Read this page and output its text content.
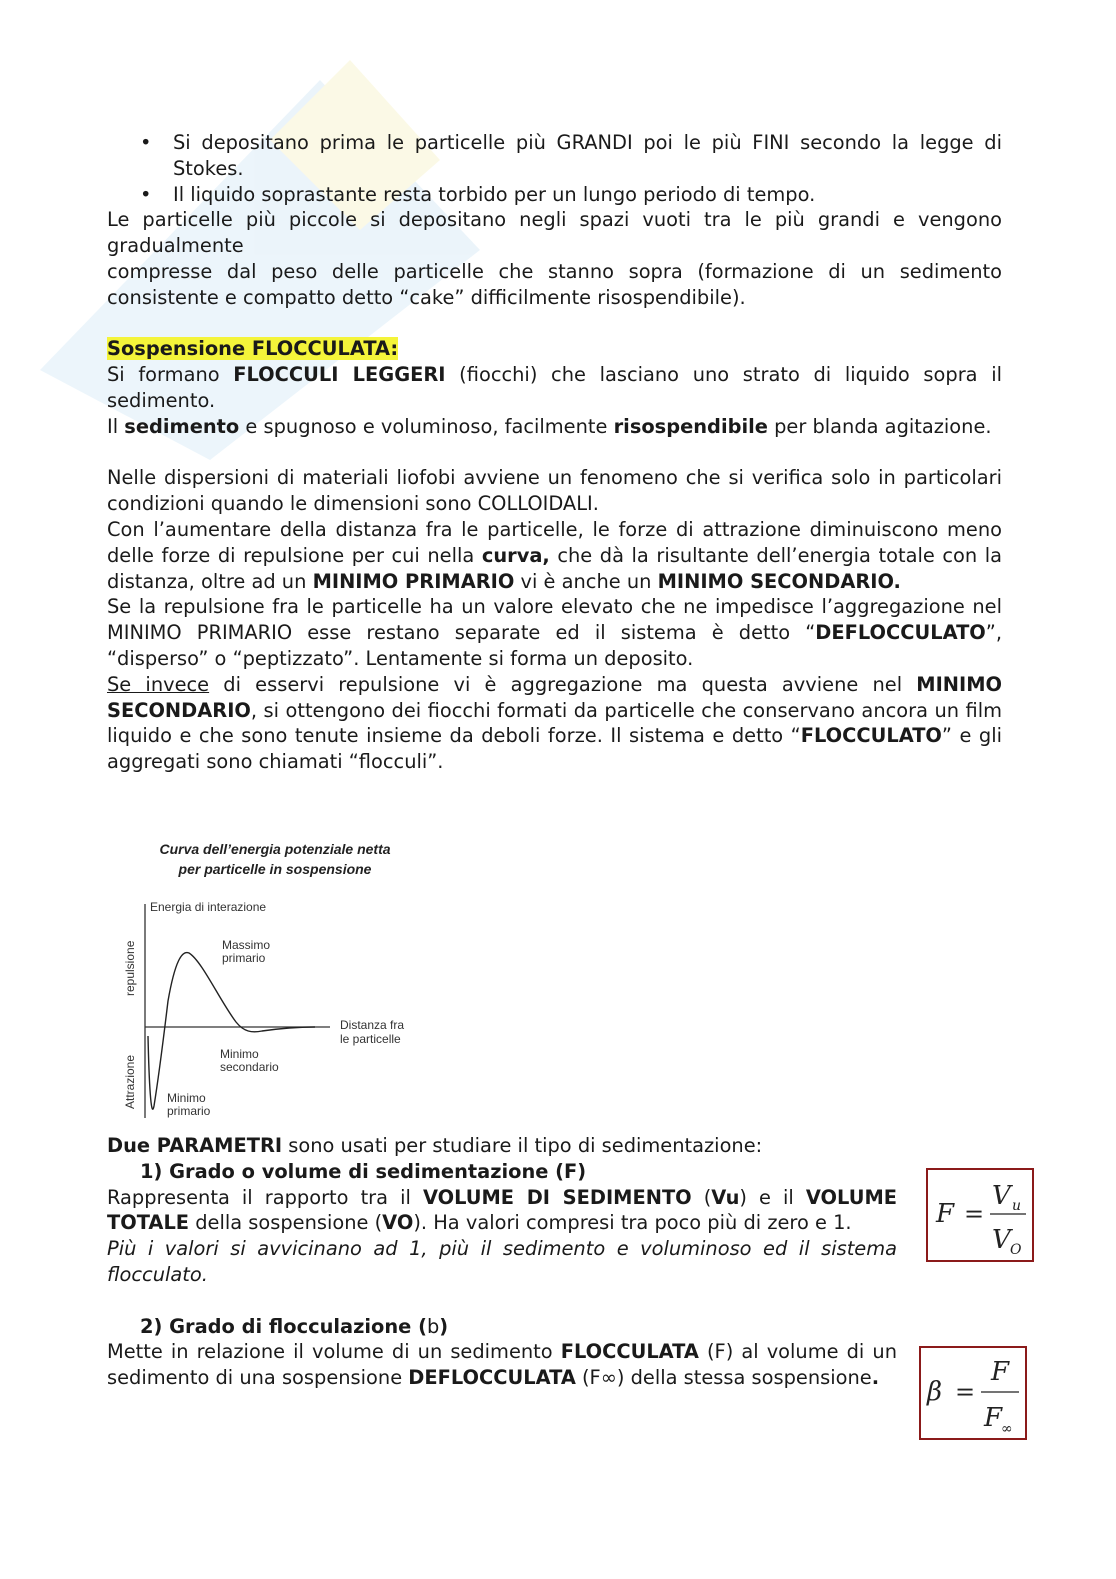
• Si depositano prima le particelle più GRANDI poi le più FINI secondo la legge di Stokes.
• Il liquido soprastante resta torbido per un lungo periodo di tempo.

Le particelle più piccole si depositano negli spazi vuoti tra le più grandi e vengono gradualmente

compresse dal peso delle particelle che stanno sopra (formazione di un sedimento consistente e compatto detto “cake” difficilmente risospendibile).

Sospensione FLOCCULATA:

Si formano FLOCCULI LEGGERI (fiocchi) che lasciano uno strato di liquido sopra il sedimento.

Il sedimento e spugnoso e voluminoso, facilmente risospendibile per blanda agitazione.

Nelle dispersioni di materiali liofobi avviene un fenomeno che si verifica solo in particolari condizioni quando le dimensioni sono COLLOIDALI.

Con l’aumentare della distanza fra le particelle, le forze di attrazione diminuiscono meno delle forze di repulsione per cui nella curva, che dà la risultante dell’energia totale con la distanza, oltre ad un MINIMO PRIMARIO vi è anche un MINIMO SECONDARIO.

Se la repulsione fra le particelle ha un valore elevato che ne impedisce l’aggregazione nel MINIMO PRIMARIO esse restano separate ed il sistema è detto “DEFLOCCULATO”, “disperso” o “peptizzato”. Lentamente si forma un deposito.

Se invece di esservi repulsione vi è aggregazione ma questa avviene nel MINIMO SECONDARIO, si ottengono dei fiocchi formati da particelle che conservano ancora un film liquido e che sono tenute insieme da deboli forze. Il sistema e detto “FLOCCULATO” e gli aggregati sono chiamati “flocculi”.

Curva dell’energia potenziale netta
per particelle in sospensione
Energia di interazione
repulsione
Attrazione
Distanza fra
le particelle
Massimo
primario
Minimo
secondario
Minimo
primario

Due PARAMETRI sono usati per studiare il tipo di sedimentazione:

1) Grado o volume di sedimentazione (F)

Rappresenta il rapporto tra il VOLUME DI SEDIMENTO (Vu) e il VOLUME TOTALE della sospensione (VO). Ha valori compresi tra poco più di zero e 1.

Più i valori si avvicinano ad 1, più il sedimento e voluminoso ed il sistema flocculato.

2) Grado di flocculazione (b)

Mette in relazione il volume di un sedimento FLOCCULATA (F) al volume di un sedimento di una sospensione DEFLOCCULATA (F∞) della stessa sospensione.

F =
V u
V O
β =
F
F
∞
